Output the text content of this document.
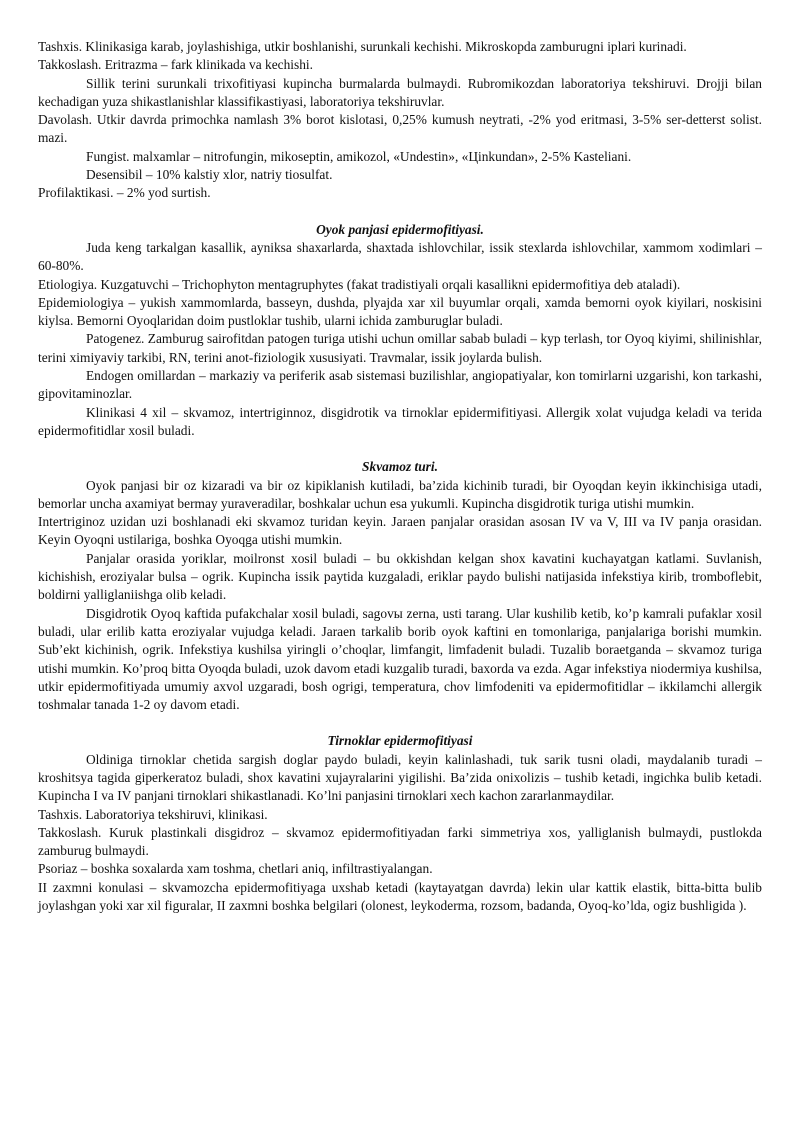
Tashxis. Klinikasiga karab, joylashishiga, utkir boshlanishi, surunkali kechishi. Mikroskopda zamburugni iplari kurinadi.

Takkoslash. Eritrazma – fark klinikada va kechishi.

Sillik terini surunkali trixofitiyasi kupincha burmalarda bulmaydi. Rubromikozdan laboratoriya tekshiruvi. Drojji bilan kechadigan yuza shikastlanishlar klassifikastiyasi, laboratoriya tekshiruvlar.

Davolash. Utkir davrda primochka namlash 3% borot kislotasi, 0,25% kumush neytrati, -2% yod eritmasi, 3-5% ser-detterst solist. mazi.

Fungist. malxamlar – nitrofungin, mikoseptin, amikozol, «Undestin», «Цinkundan», 2-5% Kasteliani.

Desensibil – 10% kalstiy xlor, natriy tiosulfat.

Profilaktikasi. – 2% yod surtish.

Oyok panjasi epidermofitiyasi.

Juda keng tarkalgan kasallik, ayniksa shaxarlarda, shaxtada ishlovchilar, issik stexlarda ishlovchilar, xammom xodimlari – 60-80%.

Etiologiya. Kuzgatuvchi – Trichophyton mentagruphytes (fakat tradistiyali orqali kasallikni epidermofitiya deb ataladi).

Epidemiologiya – yukish xammomlarda, basseyn, dushda, plyajda xar xil buyumlar orqali, xamda bemorni oyok kiyilari, noskisini kiylsa. Bemorni Oyoqlaridan doim pustloklar tushib, ularni ichida zamburuglar buladi.

Patogenez. Zamburug sairofitdan patogen turiga utishi uchun omillar sabab buladi – kyp terlash, tor Oyoq kiyimi, shilinishlar, terini ximiyaviy tarkibi, RN, terini anot-fiziologik xususiyati. Travmalar, issik joylarda bulish.

Endogen omillardan – markaziy va periferik asab sistemasi buzilishlar, angiopatiyalar, kon tomirlarni uzgarishi, kon tarkashi, gipovitaminozlar.

Klinikasi 4 xil – skvamoz, intertriginnoz, disgidrotik va tirnoklar epidermifitiyasi. Allergik xolat vujudga keladi va terida epidermofitidlar xosil buladi.

Skvamoz turi.

Oyok panjasi bir oz kizaradi va bir oz kipiklanish kutiladi, ba’zida kichinib turadi, bir Oyoqdan keyin ikkinchisiga utadi, bemorlar uncha axamiyat bermay yuraveradilar, boshkalar uchun esa yukumli. Kupincha disgidrotik turiga utishi mumkin.

Intertriginoz uzidan uzi boshlanadi eki skvamoz turidan keyin. Jaraen panjalar orasidan asosan IV va V, III va IV panja orasidan. Keyin Oyoqni ustilariga, boshka Oyoqga utishi mumkin.

Panjalar orasida yoriklar, moilronst xosil buladi – bu okkishdan kelgan shox kavatini kuchayatgan katlami. Suvlanish, kichishish, eroziyalar bulsa – ogrik. Kupincha issik paytida kuzgaladi, eriklar paydo bulishi natijasida infekstiya kirib, tromboflebit, boldirni yalliglaniishga olib keladi.

Disgidrotik Oyoq kaftida pufakchalar xosil buladi, sagovы zerna, usti tarang. Ular kushilib ketib, ko’p kamrali pufaklar xosil buladi, ular erilib katta eroziyalar vujudga keladi. Jaraen tarkalib borib oyok kaftini en tomonlariga, panjalariga borishi mumkin. Sub’ekt kichinish, ogrik. Infekstiya kushilsa yiringli o’choqlar, limfangit, limfadenit buladi. Tuzalib boraetganda – skvamoz turiga utishi mumkin. Ko’proq bitta Oyoqda buladi, uzok davom etadi kuzgalib turadi, baxorda va ezda. Agar infekstiya niodermiya kushilsa, utkir epidermofitiyada umumiy axvol uzgaradi, bosh ogrigi, temperatura, chov limfodeniti va epidermofitidlar – ikkilamchi allergik toshmalar tanada 1-2 oy davom etadi.

Tirnoklar epidermofitiyasi

Oldiniga tirnoklar chetida sargish doglar paydo buladi, keyin kalinlashadi, tuk sarik tusni oladi, maydalanib turadi – kroshitsya tagida giperkeratoz buladi, shox kavatini xujayralarini yigilishi. Ba’zida onixolizis – tushib ketadi, ingichka bulib ketadi. Kupincha I va IV panjani tirnoklari shikastlanadi. Ko’lni panjasini tirnoklari xech kachon zararlanmaydilar.

Tashxis. Laboratoriya tekshiruvi, klinikasi.

Takkoslash. Kuruk plastinkali disgidroz – skvamoz epidermofitiyadan farki simmetriya xos, yalliglanish bulmaydi, pustlokda zamburug bulmaydi.

Psoriaz – boshka soxalarda xam toshma, chetlari aniq, infiltrastiyalangan.

II zaxmni konulasi – skvamozcha epidermofitiyaga uxshab ketadi (kaytayatgan davrda) lekin ular kattik elastik, bitta-bitta bulib joylashgan yoki xar xil figuralar, II zaxmni boshka belgilari (olonest, leykoderma, rozsom, badanda, Oyoq-ko’lda, ogiz bushligida ).
